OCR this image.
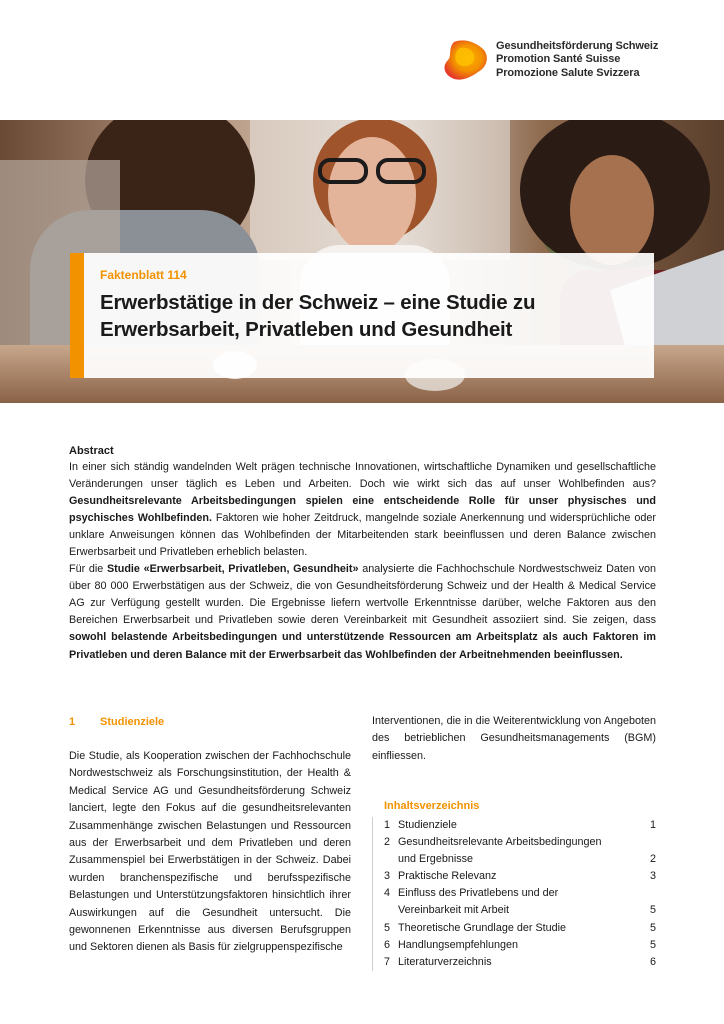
Gesundheitsförderung Schweiz
Promotion Santé Suisse
Promozione Salute Svizzera
Faktenblatt 114
Erwerbstätige in der Schweiz – eine Studie zu Erwerbsarbeit, Privatleben und Gesundheit
Abstract

In einer sich ständig wandelnden Welt prägen technische Innovationen, wirtschaftliche Dynamiken und gesellschaftliche Veränderungen unser täglich es Leben und Arbeiten. Doch wie wirkt sich das auf unser Wohlbefinden aus? Gesundheitsrelevante Arbeitsbedingungen spielen eine entscheidende Rolle für unser physisches und psychisches Wohlbefinden. Faktoren wie hoher Zeitdruck, mangelnde soziale Anerkennung und widersprüchliche oder unklare Anweisungen können das Wohlbefinden der Mitarbeitenden stark beeinflussen und deren Balance zwischen Erwerbsarbeit und Privatleben erheblich belasten.

Für die Studie «Erwerbsarbeit, Privatleben, Gesundheit» analysierte die Fachhochschule Nordwestschweiz Daten von über 80 000 Erwerbstätigen aus der Schweiz, die von Gesundheitsförderung Schweiz und der Health & Medical Service AG zur Verfügung gestellt wurden. Die Ergebnisse liefern wertvolle Erkenntnisse darüber, welche Faktoren aus den Bereichen Erwerbsarbeit und Privatleben sowie deren Vereinbarkeit mit Gesundheit assoziiert sind. Sie zeigen, dass sowohl belastende Arbeitsbedingungen und unterstützende Ressourcen am Arbeitsplatz als auch Faktoren im Privatleben und deren Balance mit der Erwerbsarbeit das Wohlbefinden der Arbeitnehmenden beeinflussen.

1	Studienziele

Die Studie, als Kooperation zwischen der Fachhochschule Nordwestschweiz als Forschungsinstitution, der Health & Medical Service AG und Gesundheitsförderung Schweiz lanciert, legte den Fokus auf die gesundheitsrelevanten Zusammenhänge zwischen Belastungen und Ressourcen aus der Erwerbsarbeit und dem Privatleben und deren Zusammenspiel bei Erwerbstätigen in der Schweiz. Dabei wurden branchenspezifische und berufsspezifische Belastungen und Unterstützungsfaktoren hinsichtlich ihrer Auswirkungen auf die Gesundheit untersucht. Die gewonnenen Erkenntnisse aus diversen Berufsgruppen und Sektoren dienen als Basis für zielgruppenspezifische

Interventionen, die in die Weiterentwicklung von Angeboten des betrieblichen Gesundheitsmanagements (BGM) einfliessen.

Inhaltsverzeichnis
1 Studienziele	1
2 Gesundheitsrelevante Arbeitsbedingungen
und Ergebnisse	2
3 Praktische Relevanz	3
4 Einfluss des Privatlebens und der
Vereinbarkeit mit Arbeit	5
5 Theoretische Grundlage der Studie	5
6 Handlungsempfehlungen	5
7 Literaturverzeichnis	6
